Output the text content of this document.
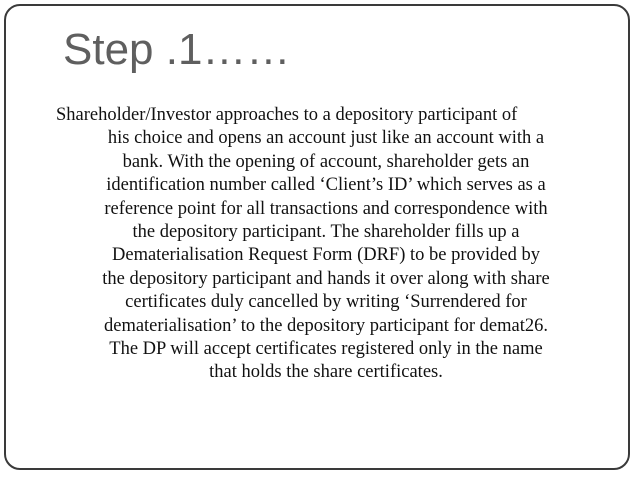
Step .1……

Shareholder/Investor approaches to a depository participant of
his choice and opens an account just like an account with a
bank. With the opening of account, shareholder gets an
identification number called ‘Client’s ID’ which serves as a
reference point for all transactions and correspondence with
the depository participant. The shareholder fills up a
Dematerialisation Request Form (DRF) to be provided by
the depository participant and hands it over along with share
certificates duly cancelled by writing ‘Surrendered for
dematerialisation’ to the depository participant for demat26.
The DP will accept certificates registered only in the name
that holds the share certificates.
